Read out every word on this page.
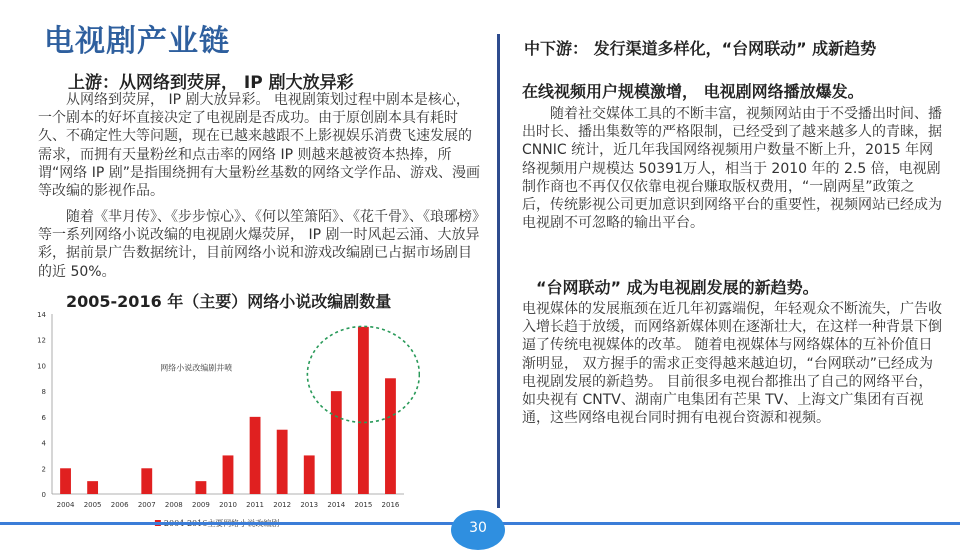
电视剧产业链
上游：从网络到荧屏， IP 剧大放异彩
从网络到荧屏， IP 剧大放异彩。 电视剧策划过程中剧本是核心，一个剧本的好坏直接决定了电视剧是否成功。由于原创剧本具有耗时久、不确定性大等问题，现在已越来越跟不上影视娱乐消费飞速发展的需求，而拥有天量粉丝和点击率的网络 IP 则越来越被资本热捧，所谓“网络 IP 剧”是指围绕拥有大量粉丝基数的网络文学作品、游戏、漫画等改编的影视作品。
随着《芈月传》、《步步惊心》、《何以笙箫陌》、《花千骨》、《琅琊榜》等一系列网络小说改编的电视剧火爆荧屏， IP 剧一时风起云涌、大放异彩，据前景广告数据统计，目前网络小说和游戏改编剧已占据市场剧目的近 50%。
2005-2016 年（主要）网络小说改编剧数量
0
2
4
6
8
10
12
14
2004 2005 2006 2007 2008 2009 2010 2011 2012 2013 2014 2015 2016
网络小说改编剧井喷
中下游： 发行渠道多样化，“台网联动” 成新趋势
在线视频用户规模激增， 电视剧网络播放爆发。
随着社交媒体工具的不断丰富，视频网站由于不受播出时间、播出时长、播出集数等的严格限制，已经受到了越来越多人的青睐，据 CNNIC 统计，近几年我国网络视频用户数量不断上升，2015 年网络视频用户规模达 50391万人，相当于 2010 年的 2.5 倍，电视剧制作商也不再仅仅依靠电视台赚取版权费用，“一剧两星”政策之后，传统影视公司更加意识到网络平台的重要性，视频网站已经成为电视剧不可忽略的输出平台。
“台网联动” 成为电视剧发展的新趋势。
电视媒体的发展瓶颈在近几年初露端倪，年轻观众不断流失，广告收入增长趋于放缓，而网络新媒体则在逐渐壮大，在这样一种背景下倒逼了传统电视媒体的改革。 随着电视媒体与网络媒体的互补价值日渐明显， 双方握手的需求正变得越来越迫切，“台网联动”已经成为电视剧发展的新趋势。 目前很多电视台都推出了自己的网络平台，如央视有 CNTV、湖南广电集团有芒果 TV、上海文广集团有百视通，这些网络电视台同时拥有电视台资源和视频。
30
